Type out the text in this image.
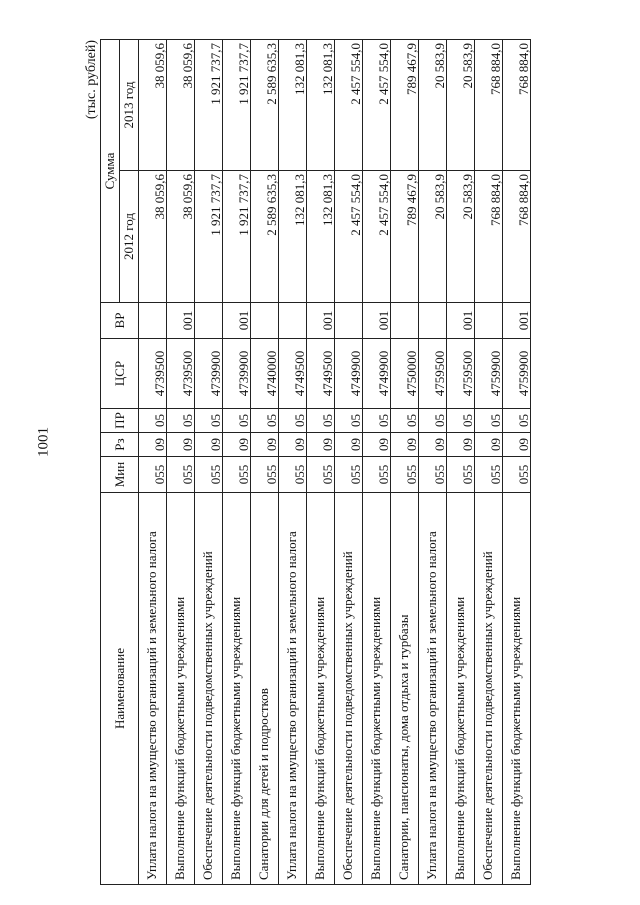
1001
(тыс. рублей)
Наименование	Мин	Рз	ПР	ЦСР	ВР	Сумма	
						2012 год	2013 год
Уплата налога на имущество организаций и земельного налога	055	09	05	4739500		38 059,6	38 059,6
Выполнение функций бюджетными учреждениями	055	09	05	4739500	001	38 059,6	38 059,6
Обеспечение деятельности подведомственных учреждений	055	09	05	4739900		1 921 737,7	1 921 737,7
Выполнение функций бюджетными учреждениями	055	09	05	4739900	001	1 921 737,7	1 921 737,7
Санатории для детей и подростков	055	09	05	4740000		2 589 635,3	2 589 635,3
Уплата налога на имущество организаций и земельного налога	055	09	05	4749500		132 081,3	132 081,3
Выполнение функций бюджетными учреждениями	055	09	05	4749500	001	132 081,3	132 081,3
Обеспечение деятельности подведомственных учреждений	055	09	05	4749900		2 457 554,0	2 457 554,0
Выполнение функций бюджетными учреждениями	055	09	05	4749900	001	2 457 554,0	2 457 554,0
Санатории, пансионаты, дома отдыха и турбазы	055	09	05	4750000		789 467,9	789 467,9
Уплата налога на имущество организаций и земельного налога	055	09	05	4759500		20 583,9	20 583,9
Выполнение функций бюджетными учреждениями	055	09	05	4759500	001	20 583,9	20 583,9
Обеспечение деятельности подведомственных учреждений	055	09	05	4759900		768 884,0	768 884,0
Выполнение функций бюджетными учреждениями	055	09	05	4759900	001	768 884,0	768 884,0
